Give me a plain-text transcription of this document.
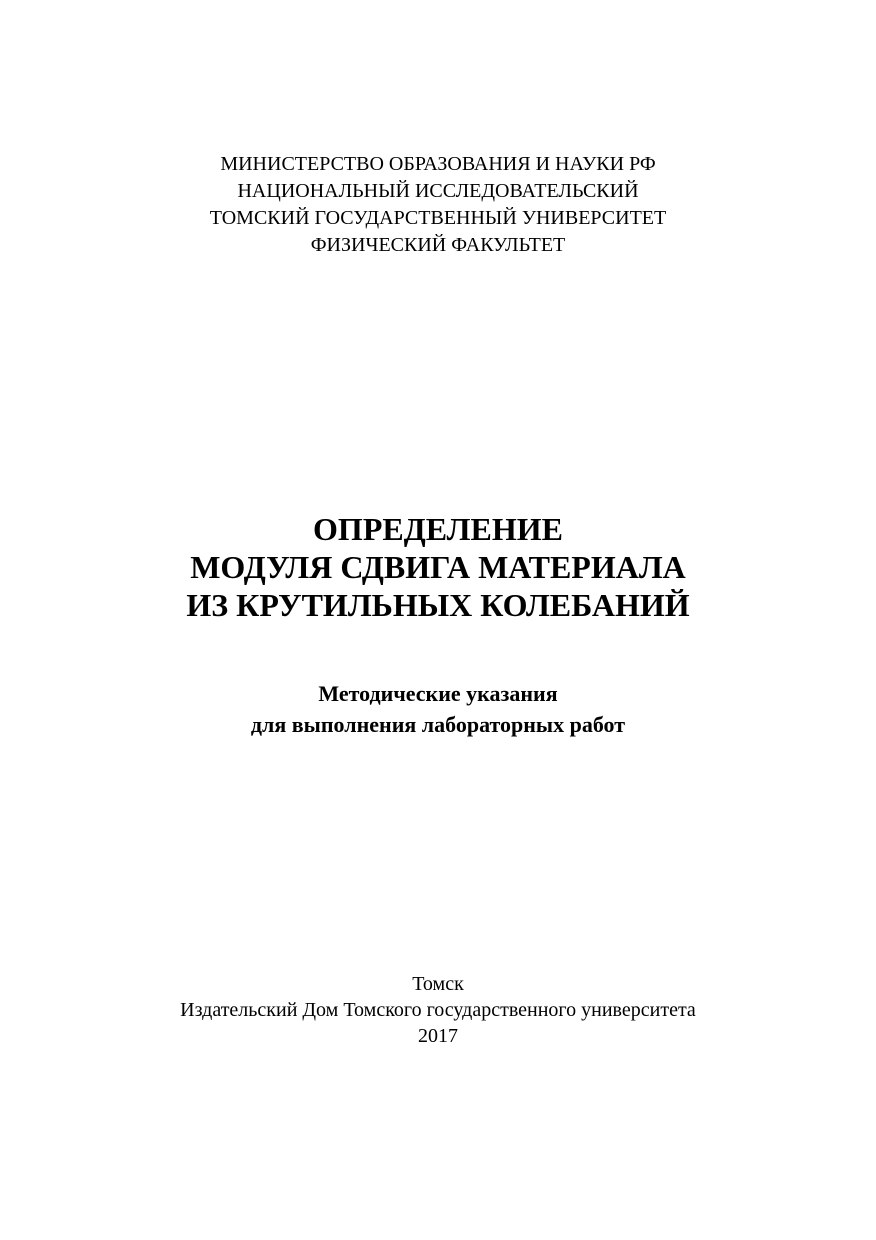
МИНИСТЕРСТВО ОБРАЗОВАНИЯ И НАУКИ РФ
НАЦИОНАЛЬНЫЙ ИССЛЕДОВАТЕЛЬСКИЙ
ТОМСКИЙ ГОСУДАРСТВЕННЫЙ УНИВЕРСИТЕТ
ФИЗИЧЕСКИЙ ФАКУЛЬТЕТ
ОПРЕДЕЛЕНИЕ
МОДУЛЯ СДВИГА МАТЕРИАЛА
ИЗ КРУТИЛЬНЫХ КОЛЕБАНИЙ
Методические указания
для выполнения лабораторных работ
Томск
Издательский Дом Томского государственного университета
2017
